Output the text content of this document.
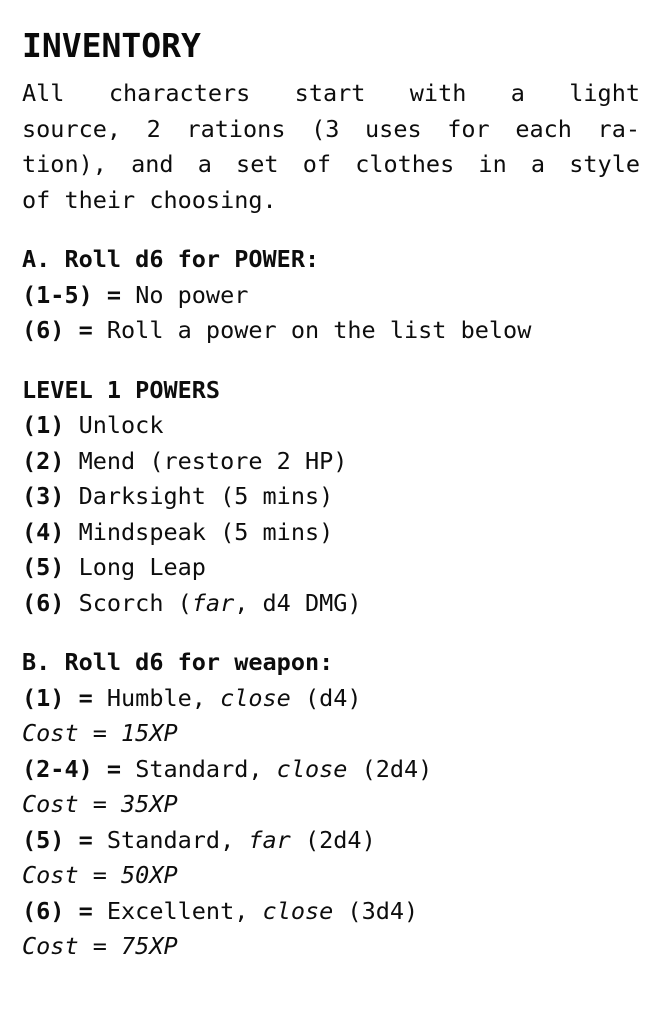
INVENTORY
All characters start with a light
source, 2 rations (3 uses for each ra-
tion), and a set of clothes in a style
of their choosing.
A. Roll d6 for POWER:
(1-5) = No power
(6) = Roll a power on the list below
LEVEL 1 POWERS
(1) Unlock
(2) Mend (restore 2 HP)
(3) Darksight (5 mins)
(4) Mindspeak (5 mins)
(5) Long Leap
(6) Scorch (far, d4 DMG)
B. Roll d6 for weapon:
(1) = Humble, close (d4)
Cost = 15XP
(2-4) = Standard, close (2d4)
Cost = 35XP
(5) = Standard, far (2d4)
Cost = 50XP
(6) = Excellent, close (3d4)
Cost = 75XP
